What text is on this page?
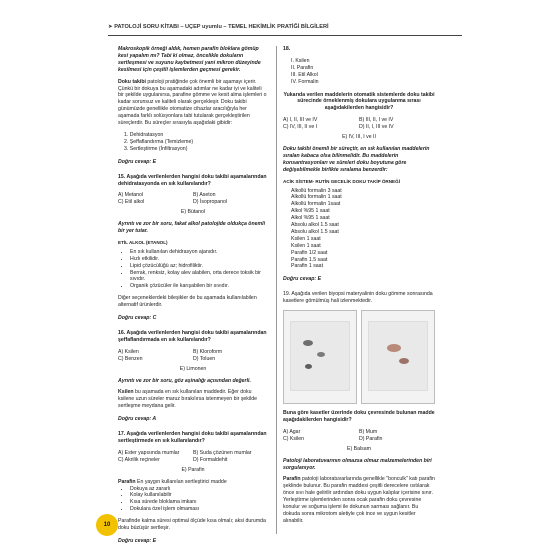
➤ PATOLOJİ SORU KİTABI – UÇEP uyumlu – TEMEL HEKİMLİK PRATİĞİ BİLGİLERİ

Makroskopik örneği aldık, hemen parafin bloklara gömüp kesi yapalım mı? Tabi ki olmaz, öncelikle dokuların sertleşmesi ve suyunu kaybetmesi yani mikron düzeyinde kesilmesi için çeşitli işlemlerden geçmesi gerekir.

Doku takibi patoloji pratiğinde çok önemli bir aşamayı içerir. Çünkü bir dokuya bu aşamadaki adımlar ne kadar iyi ve kaliteli bir şekilde uygulanırsa, parafine gömme ve kesit alma işlemleri o kadar sorunsuz ve kaliteli olarak gerçekleşir. Doku takibi günümüzde genellikle otomatize cihazlar aracılığıyla her aşamada farklı solüsyonlara tabi tutularak gerçekleştirilen süreçlerdir. Bu süreçler sırasıyla aşağıdaki gibidir:

1. Dehidratasyon
2. Şeffaflandırma (Temizleme)
3. Sertleştirme (İnfiltrasyon)

Doğru cevap: E

15. Aşağıda verilenlerden hangisi doku takibi aşamalarından dehidratasyonda en sık kullanılandır?

A) Metanol	B) Aseton
C) Etil alkol	D) İsopropanol
E) Bütanol

Ayrıntı ve zor bir soru, fakat alkol patolojide oldukça önemli bir yer tutar.

ETİL ALKOL (ETANOL)
• En sık kullanılan dehidrasyon ajanıdır.
• Hızlı etkilidir.
• Lipid çözücülüğü az; hidrofiliktir.
• Berrak, renksiz, kolay alev alabilen, orta derece toksik bir sıvıdır.
• Organik çözücüler ile karışabilen bir sıvıdır.

Diğer seçeneklerdeki bileşikler de bu aşamada kullanılabilen alternatif ürünlerdir.

Doğru cevap: C

16. Aşağıda verilenlerden hangisi doku takibi aşamalarından şeffaflandırmada en sık kullanılandır?

A) Ksilen	B) Kloroform
C) Benzen	D) Toluen
E) Limonen

Ayrıntı ve zor bir soru, göz aşinalığı açısından değerli.

Ksilen bu aşamada en sık kullanılan maddedir. Eğer doku ksilene uzun süreler maruz bırakılırsa istenmeyen bir şekilde sertleşme meydana gelir.

Doğru cevap: A

17. Aşağıda verilenlerden hangisi doku takibi aşamalarından sertleştirmede en sık kullanılandır?

A) Ester yapısında mumlar	B) Suda çözünen mumlar
C) Akrilik reçineler	D) Formaldehit
E) Parafin

Parafin En yaygın kullanılan sertleştirici madde

• Dokuya az zararlı
• Kolay kullanılabilir
• Kısa sürede bloklama imkanı
• Dokulara özel işlem olmaması

Parafinde kalma süresi optimal ölçüde kısa olmalı; aksi durumda doku büzüşür sertleşir.

Doğru cevap: E

18.

I. Ksilen
II. Parafin
III. Etil Alkol
IV. Formalin

Yukarıda verilen maddelerin otomatik sistemlerde doku takibi sürecinde örneklenmiş dokulara uygulanma sırası aşağıdakilerden hangisidir?

A) I, II, III ve IV	B) III, II, I ve IV
C) IV, III, II ve I	D) II, I, III ve IV
E) IV, III, I ve II

Doku takibi önemli bir süreçtir, en sık kullanılan maddelerin sıralan kabaca olsa bilinmelidir. Bu maddelerin konsantrasyonları ve süreleri doku boyutuna göre değişebilmekle birlikte sıralama benzerdir:

ACİK SİSTEM- RUTİN GECELİK DOKU TAKİP ÖRNEĞİ
Alkollü formalin 3 saat
Alkollü formalin 1 saat
Alkollü formalin 1saat
Alkol %95 1 saat
Alkol %95 1 saat
Absolu alkol 1.5 saat
Absolu alkol 1.5 saat
Ksilen 1 saat
Ksilen 1 saat
Parafin 1/2 saat
Parafin 1.5 saat
Parafin 1 saat

Doğru cevap: E

19. Aşağıda verilen biyopsi materyalinin doku gömme sonrasında kasetlere gömülmüş hali izlenmektedir.

Buna göre kasetler üzerinde doku çevresinde bulunan madde aşağıdakilerden hangisidir?

A) Agar	B) Mum
C) Ksilen	D) Parafin
E) Balsam

Patoloji laboratuvarının olmazsa olmaz malzemelerinden biri sorgulanıyor.

Parafin patoloji laboratuvarlarında genellikle "bonculk" katı parafin şeklinde bulunur. Bu parafin maddesi çeşitli derecelere ısıtılarak önce sıvı hale gelirilir ardından doku uygun kalıplar içerisine sınır. Yerleştirme işlemlerinden sonra ocak parafin doku çevresine konulur ve soğuma işlemi ile dokunun sarması sağlanır. Bu dokuda sonra mikrotom aletiyle çok ince ve uygun kesitler alınabilir.

10
